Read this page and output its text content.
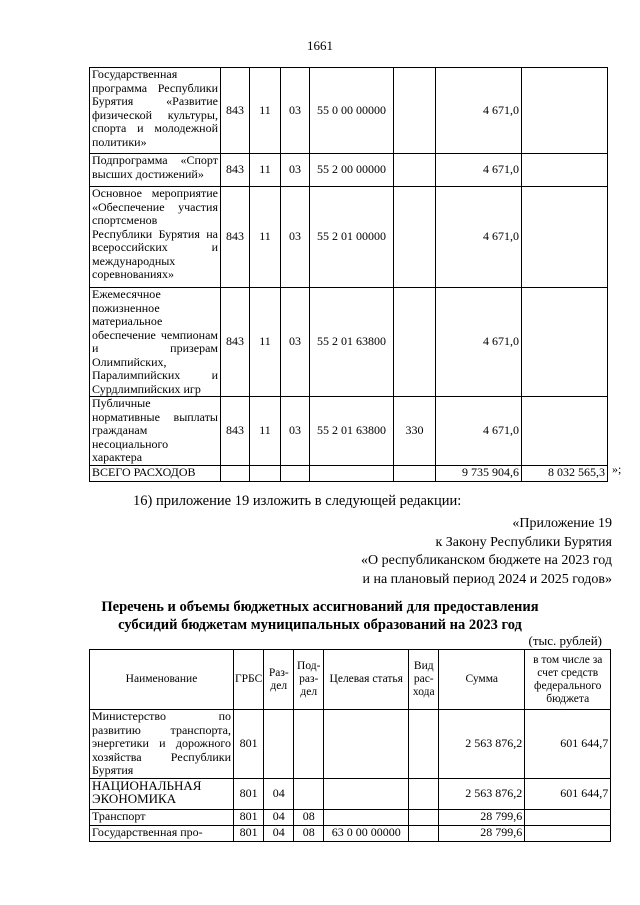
1661
Государственная программа Республики Бурятия «Развитие физической культуры, спорта и молодежной политики»	843	11	03	55 0 00 00000		4 671,0	
Подпрограмма «Спорт высших достижений»	843	11	03	55 2 00 00000		4 671,0	
Основное мероприятие «Обеспечение участия спортсменов Республики Бурятия на всероссийских и международных соревнованиях»	843	11	03	55 2 01 00000		4 671,0	
Ежемесячное пожизненное материальное обеспечение чемпионам и призерам Олимпийских, Паралимпийских и Сурдлимпийских игр	843	11	03	55 2 01 63800		4 671,0	
Публичные нормативные выплаты гражданам несоциального характера	843	11	03	55 2 01 63800	330	4 671,0	
ВСЕГО РАСХОДОВ						9 735 904,6	8 032 565,3 »;
16) приложение 19 изложить в следующей редакции:
«Приложение 19
к Закону Республики Бурятия
«О республиканском бюджете на 2023 год
и на плановый период 2024 и 2025 годов»
Перечень и объемы бюджетных ассигнований для предоставления
субсидий бюджетам муниципальных образований на 2023 год
(тыс. рублей)
Наименование	ГРБС	Раз-дел	Под-раз-дел	Целевая статья	Вид рас-хода	Сумма	в том числе за счет средств федерального бюджета
Министерство по развитию транспорта, энергетики и дорожного хозяйства Республики Бурятия	801					2 563 876,2	601 644,7
НАЦИОНАЛЬНАЯ ЭКОНОМИКА	801	04				2 563 876,2	601 644,7
Транспорт	801	04	08			28 799,6	
Государственная про-	801	04	08	63 0 00 00000		28 799,6	
